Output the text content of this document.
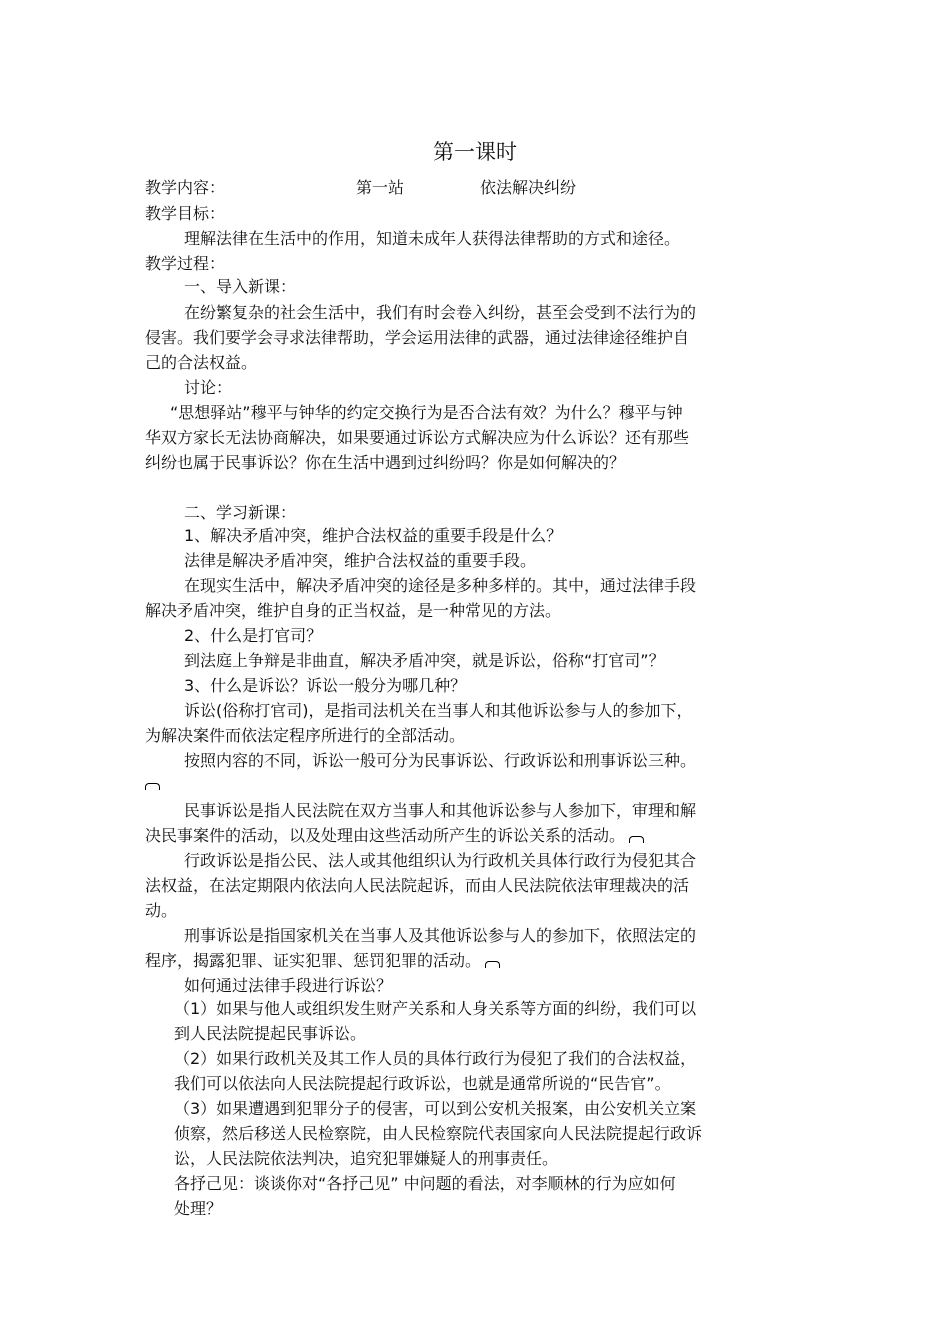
第一课时
教学内容：	第一站	依法解决纠纷
教学目标：
理解法律在生活中的作用，知道未成年人获得法律帮助的方式和途径。
教学过程：
一、导入新课：
在纷繁复杂的社会生活中，我们有时会卷入纠纷，甚至会受到不法行为的
侵害。我们要学会寻求法律帮助，学会运用法律的武器，通过法律途径维护自
己的合法权益。
讨论：
“思想驿站”穆平与钟华的约定交换行为是否合法有效？为什么？穆平与钟
华双方家长无法协商解决，如果要通过诉讼方式解决应为什么诉讼？还有那些
纠纷也属于民事诉讼？你在生活中遇到过纠纷吗？你是如何解决的？
二、学习新课：
1、解决矛盾冲突，维护合法权益的重要手段是什么？
法律是解决矛盾冲突，维护合法权益的重要手段。
在现实生活中，解决矛盾冲突的途径是多种多样的。其中，通过法律手段
解决矛盾冲突，维护自身的正当权益，是一种常见的方法。
2、什么是打官司？
到法庭上争辩是非曲直，解决矛盾冲突，就是诉讼，俗称“打官司”？
3、什么是诉讼？诉讼一般分为哪几种？
诉讼(俗称打官司)，是指司法机关在当事人和其他诉讼参与人的参加下，
为解决案件而依法定程序所进行的全部活动。
按照内容的不同，诉讼一般可分为民事诉讼、行政诉讼和刑事诉讼三种。
民事诉讼是指人民法院在双方当事人和其他诉讼参与人参加下，审理和解
决民事案件的活动，以及处理由这些活动所产生的诉讼关系的活动。
行政诉讼是指公民、法人或其他组织认为行政机关具体行政行为侵犯其合
法权益，在法定期限内依法向人民法院起诉，而由人民法院依法审理裁决的活
动。
刑事诉讼是指国家机关在当事人及其他诉讼参与人的参加下，依照法定的
程序，揭露犯罪、证实犯罪、惩罚犯罪的活动。
如何通过法律手段进行诉讼？
（1）如果与他人或组织发生财产关系和人身关系等方面的纠纷，我们可以
到人民法院提起民事诉讼。
（2）如果行政机关及其工作人员的具体行政行为侵犯了我们的合法权益，
我们可以依法向人民法院提起行政诉讼，也就是通常所说的“民告官”。
（3）如果遭遇到犯罪分子的侵害，可以到公安机关报案，由公安机关立案
侦察，然后移送人民检察院，由人民检察院代表国家向人民法院提起行政诉
讼，人民法院依法判决，追究犯罪嫌疑人的刑事责任。
各抒己见：谈谈你对“各抒己见” 中问题的看法，对李顺林的行为应如何
处理？
